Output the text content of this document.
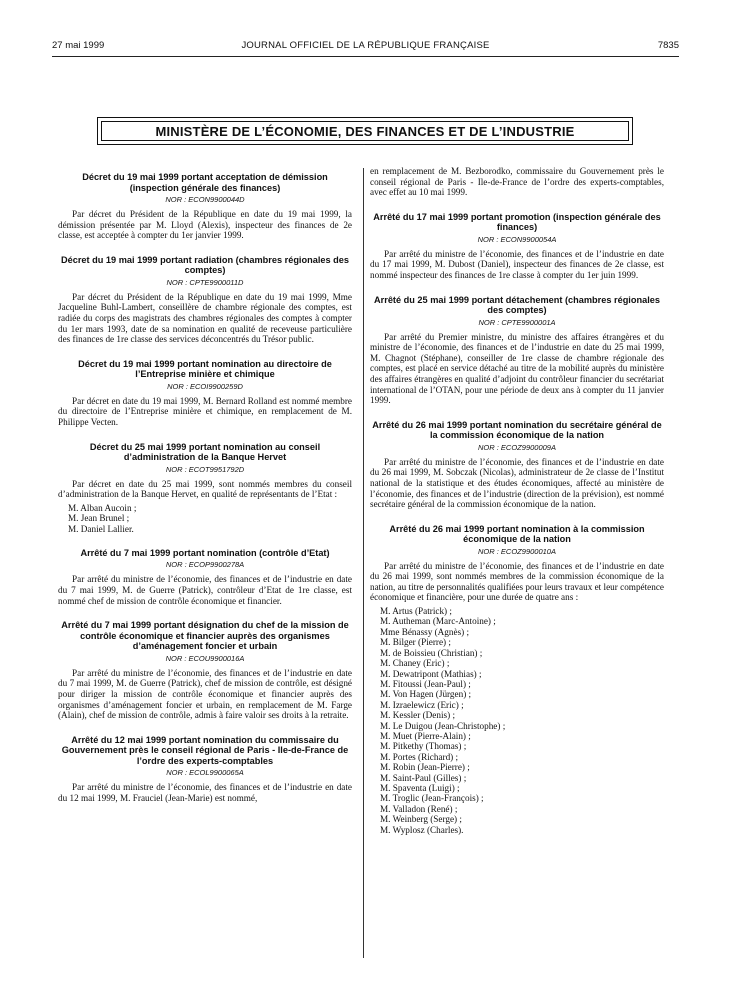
27 mai 1999	JOURNAL OFFICIEL DE LA RÉPUBLIQUE FRANÇAISE	7835
MINISTÈRE DE L’ÉCONOMIE, DES FINANCES ET DE L’INDUSTRIE

Décret du 19 mai 1999 portant acceptation de démission (inspection générale des finances)

NOR : ECON9900044D

Par décret du Président de la République en date du 19 mai 1999, la démission présentée par M. Lloyd (Alexis), inspecteur des finances de 2e classe, est acceptée à compter du 1er janvier 1999.

Décret du 19 mai 1999 portant radiation (chambres régionales des comptes)

NOR : CPTE9900011D

Par décret du Président de la République en date du 19 mai 1999, Mme Jacqueline Buhl-Lambert, conseillère de chambre régionale des comptes, est radiée du corps des magistrats des chambres régionales des comptes à compter du 1er mars 1993, date de sa nomination en qualité de receveuse particulière des finances de 1re classe des services déconcentrés du Trésor public.

Décret du 19 mai 1999 portant nomination au directoire de l’Entreprise minière et chimique

NOR : ECOI9900259D

Par décret en date du 19 mai 1999, M. Bernard Rolland est nommé membre du directoire de l’Entreprise minière et chimique, en remplacement de M. Philippe Vecten.

Décret du 25 mai 1999 portant nomination au conseil d’administration de la Banque Hervet

NOR : ECOT9951792D

Par décret en date du 25 mai 1999, sont nommés membres du conseil d’administration de la Banque Hervet, en qualité de représentants de l’Etat :

M. Alban Aucoin ;
M. Jean Brunel ;
M. Daniel Lallier.

Arrêté du 7 mai 1999 portant nomination (contrôle d’Etat)

NOR : ECOP9900278A

Par arrêté du ministre de l’économie, des finances et de l’industrie en date du 7 mai 1999, M. de Guerre (Patrick), contrôleur d’Etat de 1re classe, est nommé chef de mission de contrôle économique et financier.

Arrêté du 7 mai 1999 portant désignation du chef de la mission de contrôle économique et financier auprès des organismes d’aménagement foncier et urbain

NOR : ECOU9900016A

Par arrêté du ministre de l’économie, des finances et de l’industrie en date du 7 mai 1999, M. de Guerre (Patrick), chef de mission de contrôle, est désigné pour diriger la mission de contrôle économique et financier auprès des organismes d’aménagement foncier et urbain, en remplacement de M. Farge (Alain), chef de mission de contrôle, admis à faire valoir ses droits à la retraite.

Arrêté du 12 mai 1999 portant nomination du commissaire du Gouvernement près le conseil régional de Paris - Ile-de-France de l’ordre des experts-comptables

NOR : ECOL9900065A

Par arrêté du ministre de l’économie, des finances et de l’industrie en date du 12 mai 1999, M. Frauciel (Jean-Marie) est nommé,

en remplacement de M. Bezborodko, commissaire du Gouvernement près le conseil régional de Paris - Ile-de-France de l’ordre des experts-comptables, avec effet au 10 mai 1999.

Arrêté du 17 mai 1999 portant promotion (inspection générale des finances)

NOR : ECON9900054A

Par arrêté du ministre de l’économie, des finances et de l’industrie en date du 17 mai 1999, M. Dubost (Daniel), inspecteur des finances de 2e classe, est nommé inspecteur des finances de 1re classe à compter du 1er juin 1999.

Arrêté du 25 mai 1999 portant détachement (chambres régionales des comptes)

NOR : CPTE9900001A

Par arrêté du Premier ministre, du ministre des affaires étrangères et du ministre de l’économie, des finances et de l’industrie en date du 25 mai 1999, M. Chagnot (Stéphane), conseiller de 1re classe de chambre régionale des comptes, est placé en service détaché au titre de la mobilité auprès du ministère des affaires étrangères en qualité d’adjoint du contrôleur financier du secrétariat international de l’OTAN, pour une période de deux ans à compter du 11 janvier 1999.

Arrêté du 26 mai 1999 portant nomination du secrétaire général de la commission économique de la nation

NOR : ECOZ9900009A

Par arrêté du ministre de l’économie, des finances et de l’industrie en date du 26 mai 1999, M. Sobczak (Nicolas), administrateur de 2e classe de l’Institut national de la statistique et des études économiques, affecté au ministère de l’économie, des finances et de l’industrie (direction de la prévision), est nommé secrétaire général de la commission économique de la nation.

Arrêté du 26 mai 1999 portant nomination à la commission économique de la nation

NOR : ECOZ9900010A

Par arrêté du ministre de l’économie, des finances et de l’industrie en date du 26 mai 1999, sont nommés membres de la commission économique de la nation, au titre de personnalités qualifiées pour leurs travaux et leur compétence économique et financière, pour une durée de quatre ans :

M. Artus (Patrick) ;
M. Autheman (Marc-Antoine) ;
Mme Bénassy (Agnès) ;
M. Bilger (Pierre) ;
M. de Boissieu (Christian) ;
M. Chaney (Eric) ;
M. Dewatripont (Mathias) ;
M. Fitoussi (Jean-Paul) ;
M. Von Hagen (Jürgen) ;
M. Izraelewicz (Eric) ;
M. Kessler (Denis) ;
M. Le Duigou (Jean-Christophe) ;
M. Muet (Pierre-Alain) ;
M. Pitkethy (Thomas) ;
M. Portes (Richard) ;
M. Robin (Jean-Pierre) ;
M. Saint-Paul (Gilles) ;
M. Spaventa (Luigi) ;
M. Troglic (Jean-François) ;
M. Valladon (René) ;
M. Weinberg (Serge) ;
M. Wyplosz (Charles).
